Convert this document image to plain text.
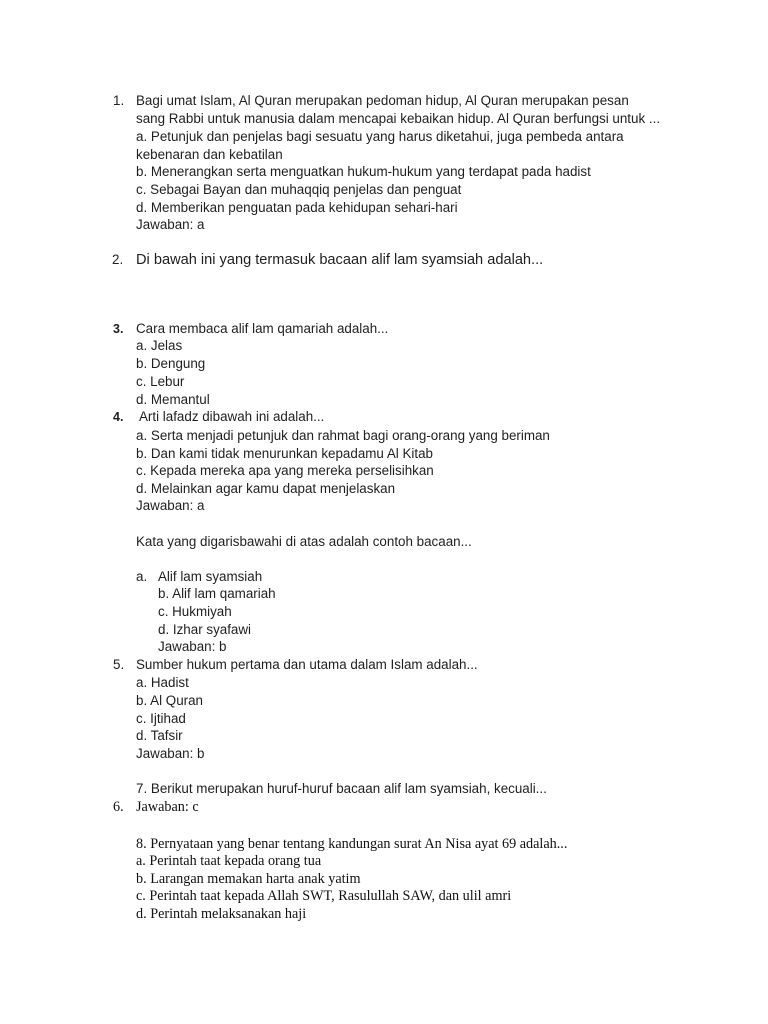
1. Bagi umat Islam, Al Quran merupakan pedoman hidup, Al Quran merupakan pesan
sang Rabbi untuk manusia dalam mencapai kebaikan hidup. Al Quran berfungsi untuk ...
a. Petunjuk dan penjelas bagi sesuatu yang harus diketahui, juga pembeda antara
kebenaran dan kebatilan
b. Menerangkan serta menguatkan hukum-hukum yang terdapat pada hadist
c. Sebagai Bayan dan muhaqqiq penjelas dan penguat
d. Memberikan penguatan pada kehidupan sehari-hari
Jawaban: a
2. Di bawah ini yang termasuk bacaan alif lam syamsiah adalah...
3. Cara membaca alif lam qamariah adalah...
a. Jelas
b. Dengung
c. Lebur
d. Memantul
4. Arti lafadz dibawah ini adalah...
a. Serta menjadi petunjuk dan rahmat bagi orang-orang yang beriman
b. Dan kami tidak menurunkan kepadamu Al Kitab
c. Kepada mereka apa yang mereka perselisihkan
d. Melainkan agar kamu dapat menjelaskan
Jawaban: a
Kata yang digarisbawahi di atas adalah contoh bacaan...
a. Alif lam syamsiah
b. Alif lam qamariah
c. Hukmiyah
d. Izhar syafawi
Jawaban: b
5. Sumber hukum pertama dan utama dalam Islam adalah...
a. Hadist
b. Al Quran
c. Ijtihad
d. Tafsir
Jawaban: b
7. Berikut merupakan huruf-huruf bacaan alif lam syamsiah, kecuali...
6. Jawaban: c
8. Pernyataan yang benar tentang kandungan surat An Nisa ayat 69 adalah...
a. Perintah taat kepada orang tua
b. Larangan memakan harta anak yatim
c. Perintah taat kepada Allah SWT, Rasulullah SAW, dan ulil amri
d. Perintah melaksanakan haji
